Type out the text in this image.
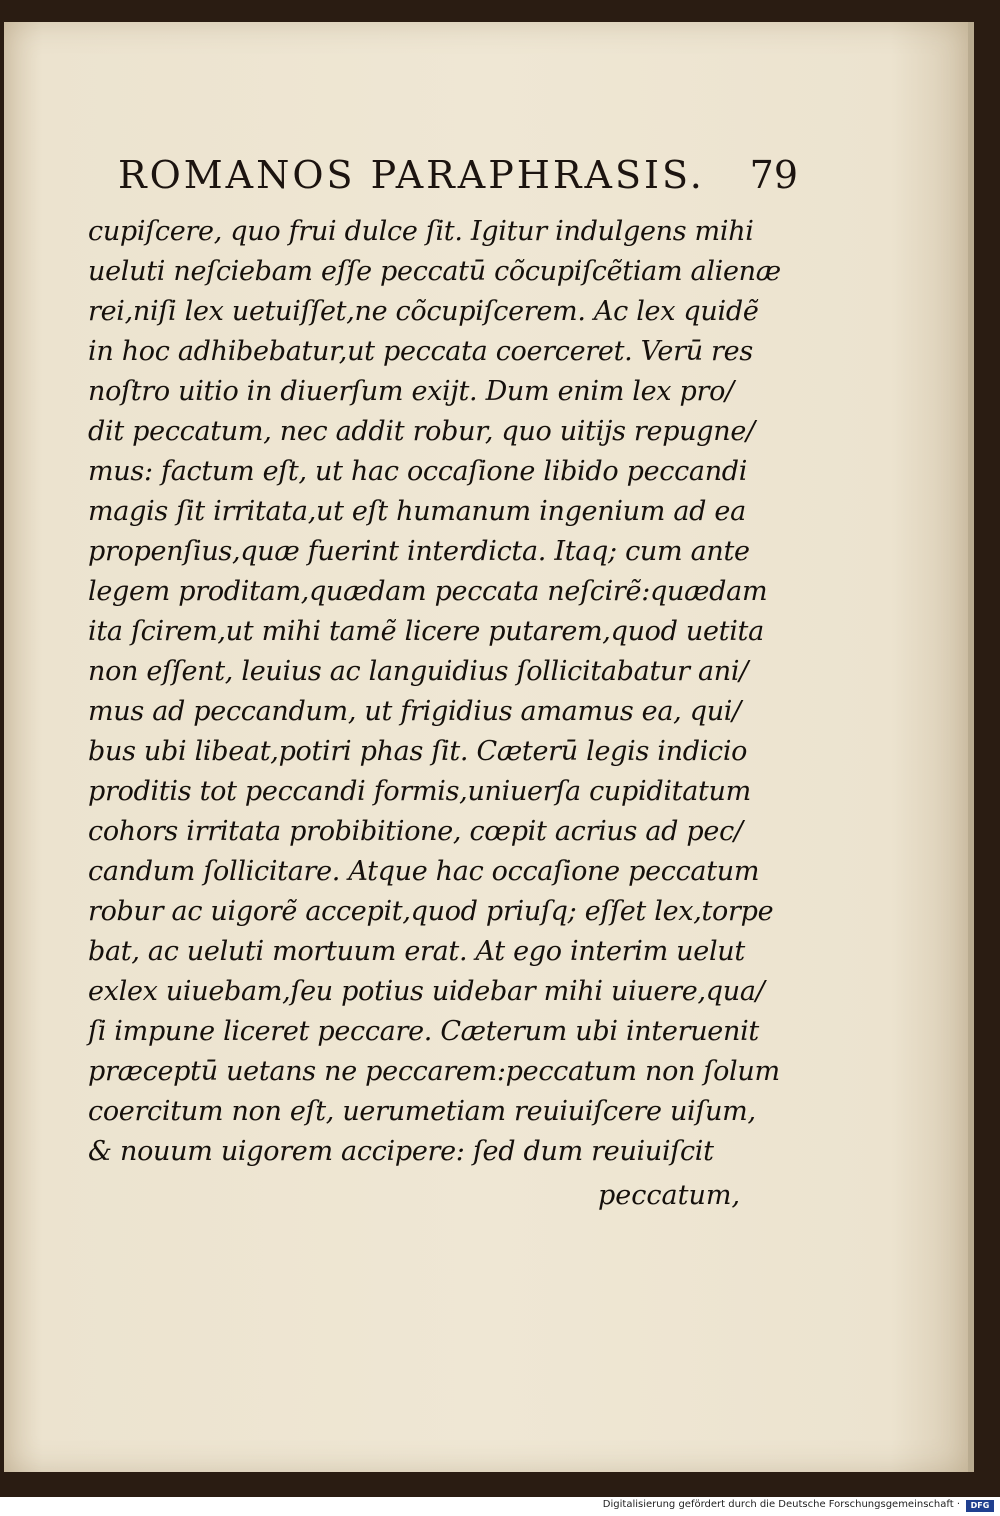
ROMANOS PARAPHRASIS. 79
cupiſcere, quo frui dulce ſit. Igitur indulgens mihi
ueluti neſciebam eſſe peccatū cõcupiſcẽtiam alienæ
rei,niſi lex uetuiſſet,ne cõcupiſcerem. Ac lex quidẽ
in hoc adhibebatur,ut peccata coerceret. Verū res
noſtro uitio in diuerſum exijt. Dum enim lex pro/
dit peccatum, nec addit robur, quo uitijs repugne/
mus: factum eſt, ut hac occaſione libido peccandi
magis ſit irritata,ut eſt humanum ingenium ad ea
propenſius,quæ fuerint interdicta. Itaq; cum ante
legem proditam,quædam peccata neſcirẽ:quædam
ita ſcirem,ut mihi tamẽ licere putarem,quod uetita
non eſſent, leuius ac languidius ſollicitabatur ani/
mus ad peccandum, ut frigidius amamus ea, qui/
bus ubi libeat,potiri phas ſit. Cæterū legis indicio
proditis tot peccandi formis,uniuerſa cupiditatum
cohors irritata probibitione, cœpit acrius ad pec/
candum ſollicitare. Atque hac occaſione peccatum
robur ac uigorẽ accepit,quod priuſq; eſſet lex,torpe
bat, ac ueluti mortuum erat. At ego interim uelut
exlex uiuebam,ſeu potius uidebar mihi uiuere,qua/
ſi impune liceret peccare. Cæterum ubi interuenit
præceptū uetans ne peccarem:peccatum non ſolum
coercitum non eſt, uerumetiam reuiuiſcere uiſum,
& nouum uigorem accipere: ſed dum reuiuiſcit
peccatum,
Digitalisierung gefördert durch die Deutsche Forschungsgemeinschaft ·	DFG
